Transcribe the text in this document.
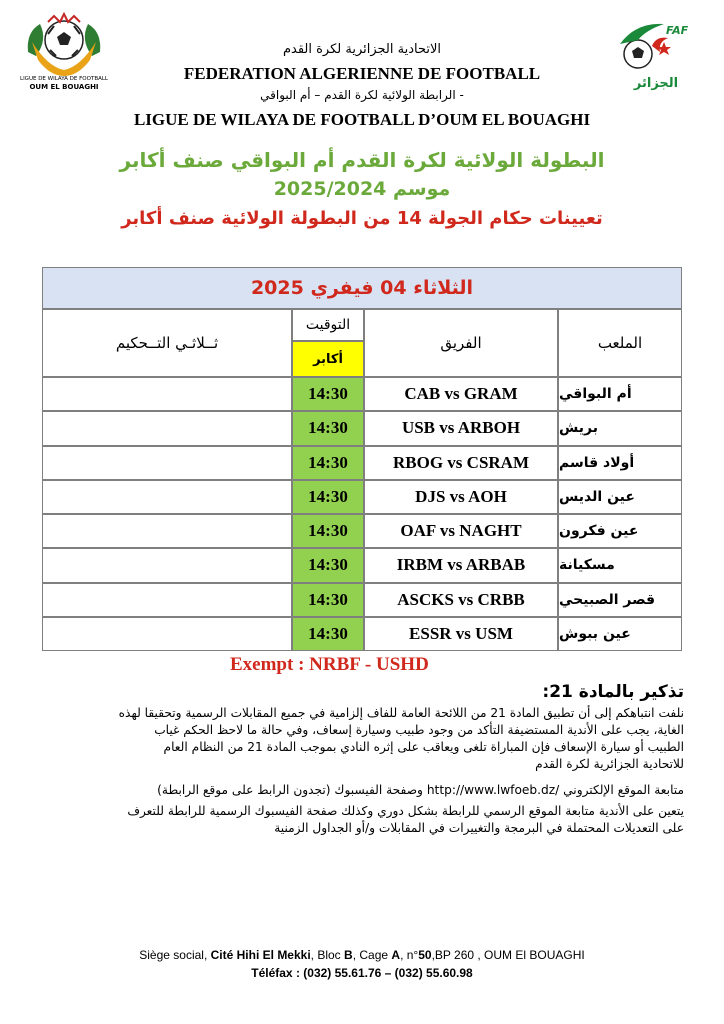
LIGUE DE WILAYA DE FOOTBALL
OUM EL BOUAGHI
FAF
الجزائر
الاتحادية الجزائرية لكرة القدم
FEDERATION ALGERIENNE DE FOOTBALL
الرابطة الولائية لكرة القدم – أم البواقي -
LIGUE DE WILAYA DE FOOTBALL D’OUM EL BOUAGHI
البطولة الولائية لكرة القدم أم البواقي صنف أكابر
موسم 2025/2024
تعيينات حكام الجولة 14 من البطولة الولائية صنف أكابر
الثلاثاء 04 فيفري 2025
الملعب
الفريق
التوقيت
أكابر
ثــلاثـي التــحكيم
أم البواقي
CAB vs GRAM
14:30
بريش
USB vs ARBOH
14:30
أولاد قاسم
RBOG vs CSRAM
14:30
عين الديس
DJS vs AOH
14:30
عين فكرون
OAF vs NAGHT
14:30
مسكيانة
IRBM vs ARBAB
14:30
قصر الصبيحي
ASCKS vs CRBB
14:30
عين ببوش
ESSR vs USM
14:30
Exempt : NRBF - USHD
تذكير بالمادة 21:
نلفت انتباهكم إلى أن تطبيق المادة 21 من اللائحة العامة للفاف إلزامية في جميع المقابلات الرسمية وتحقيقا لهذه
الغاية، يجب على الأندية المستضيفة التأكد من وجود طبيب وسيارة إسعاف، وفي حالة ما لاحظ الحكم غياب
الطبيب أو سيارة الإسعاف فإن المباراة تلغى ويعاقب على إثره النادي بموجب المادة 21 من النظام العام
للاتحادية الجزائرية لكرة القدم
متابعة الموقع الإلكتروني /http://www.lwfoeb.dz وصفحة الفيسبوك (تجدون الرابط على موقع الرابطة)
يتعين على الأندية متابعة الموقع الرسمي للرابطة بشكل دوري وكذلك صفحة الفيسبوك الرسمية للرابطة للتعرف
على التعديلات المحتملة في البرمجة والتغييرات في المقابلات و/أو الجداول الزمنية
Siège social, Cité Hihi El Mekki, Bloc B, Cage A, n°50,BP 260 , OUM El BOUAGHI
Téléfax : (032) 55.61.76 – (032) 55.60.98
